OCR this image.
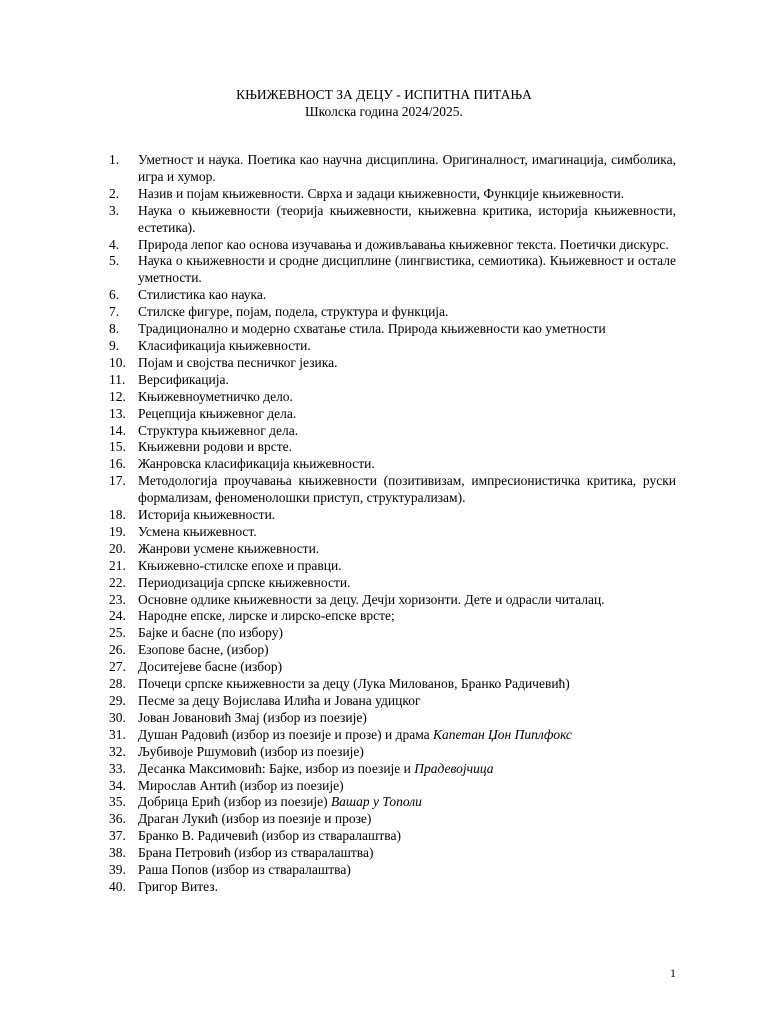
КЊИЖЕВНОСТ ЗА ДЕЦУ - ИСПИТНА ПИТАЊА
Школска година 2024/2025.
1. Уметност и наука. Поетика као научна дисциплина. Оригиналност, имагинација, симболика, игра и хумор.
2. Назив и појам књижевности. Сврха и задаци књижевности, Функције књижевности.
3. Наука о књижевности (теорија књижевности, књижевна критика, историја књижевности, естетика).
4. Природа лепог као основа изучавања и доживљавања књижевног текста. Поетички дискурс.
5. Наука о књижевности и сродне дисциплине (лингвистика, семиотика). Књижевност и остале уметности.
6. Стилистика као наука.
7. Стилске фигуре, појам, подела, структура и функција.
8. Традиционално и модерно схватање стила. Природа књижевности као уметности
9. Класификација књижевности.
10. Појам и својства песничког језика.
11. Версификација.
12. Књижевноуметничко дело.
13. Рецепција књижевног дела.
14. Структура књижевног дела.
15. Књижевни родови и врсте.
16. Жанровска класификација књижевности.
17. Методологија проучавања књижевности (позитивизам, импресионистичка критика, руски формализам, феноменолошки приступ, структурализам).
18. Историја књижевности.
19. Усмена књижевност.
20. Жанрови усмене књижевности.
21. Књижевно-стилске епохе и правци.
22. Периодизација српске књижевности.
23. Основне одлике књижевности за децу. Дечји хоризонти. Дете и одрасли читалац.
24. Народне епске, лирске и лирско-епске врсте;
25. Бајке и басне (по избору)
26. Езопове басне, (избор)
27. Доситејеве басне (избор)
28. Почеци српске књижевности за децу (Лука Милованов, Бранко Радичевић)
29. Песме за децу Војислава Илића и Јована удицког
30. Јован Јовановић Змај (избор из поезије)
31. Душан Радовић (избор из поезије и прозе) и драма Капетан Џон Пиплфокс
32. Љубивоје Ршумовић (избор из поезије)
33. Десанка Максимовић: Бајке, избор из поезије и Прадевојчица
34. Мирослав Антић (избор из поезије)
35. Добрица Ерић (избор из поезије) Вашар у Тополи
36. Драган Лукић (избор из поезије и прозе)
37. Бранко В. Радичевић (избор из стваралаштва)
38. Брана Петровић (избор из стваралаштва)
39. Раша Попов (избор из стваралаштва)
40. Григор Витез.
1
